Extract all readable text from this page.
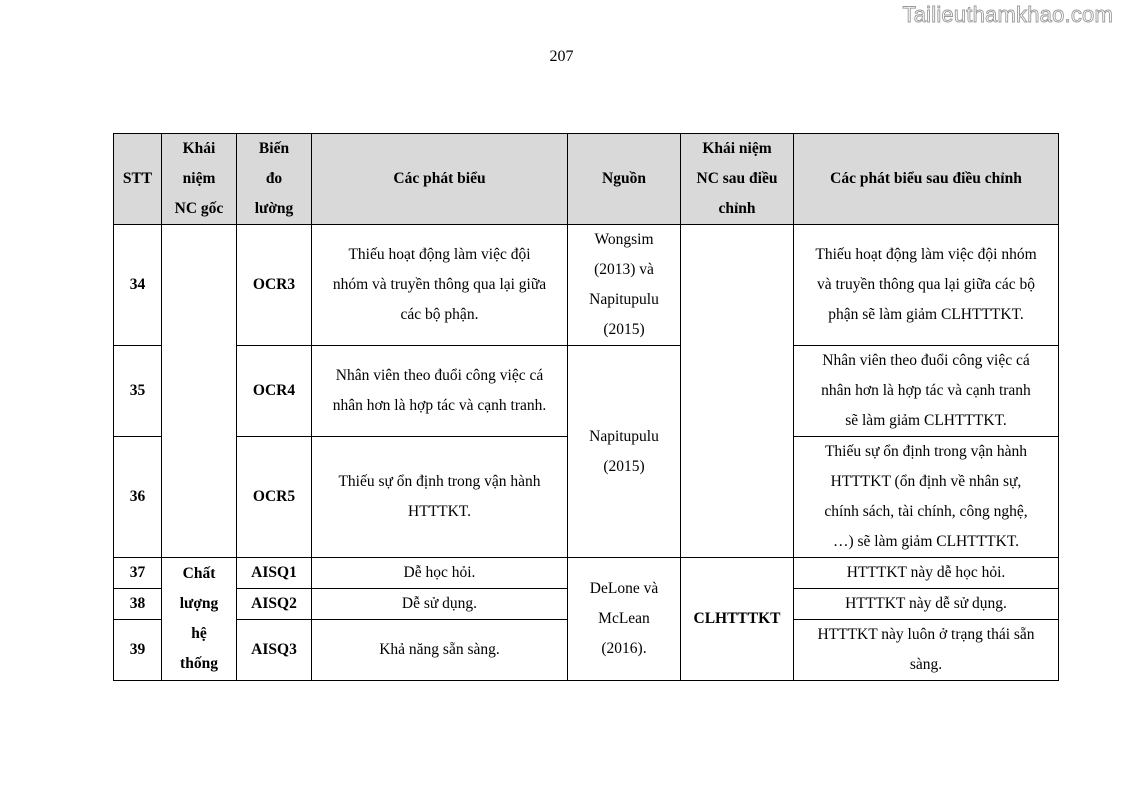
Tailieuthamkhao.com
207
STT	Khái
niệm
NC gốc	Biến
đo
lường	Các phát biểu	Nguồn	Khái niệm
NC sau điều
chỉnh	Các phát biểu sau điều chỉnh
34		OCR3	Thiếu hoạt động làm việc đội
nhóm và truyền thông qua lại giữa
các bộ phận.	Wongsim
(2013) và
Napitupulu
(2015)		Thiếu hoạt động làm việc đội nhóm
và truyền thông qua lại giữa các bộ
phận sẽ làm giảm CLHTTTKT.

35		OCR4	Nhân viên theo đuổi công việc cá
nhân hơn là hợp tác và cạnh tranh.	Napitupulu
(2015)		Nhân viên theo đuổi công việc cá
nhân hơn là hợp tác và cạnh tranh
sẽ làm giảm CLHTTTKT.

36		OCR5	Thiếu sự ổn định trong vận hành
HTTTKT.			Thiếu sự ổn định trong vận hành
HTTTKT (ổn định về nhân sự,
chính sách, tài chính, công nghệ,
…) sẽ làm giảm CLHTTTKT.

37	Chất
lượng
hệ
thống	AISQ1	Dễ học hỏi.	DeLone và
McLean
(2016).	CLHTTTKT	HTTTKT này dễ học hỏi.
38		AISQ2	Dễ sử dụng.			HTTTKT này dễ sử dụng.
39		AISQ3	Khả năng sẵn sàng.			HTTTKT này luôn ở trạng thái sẵn
sàng.
